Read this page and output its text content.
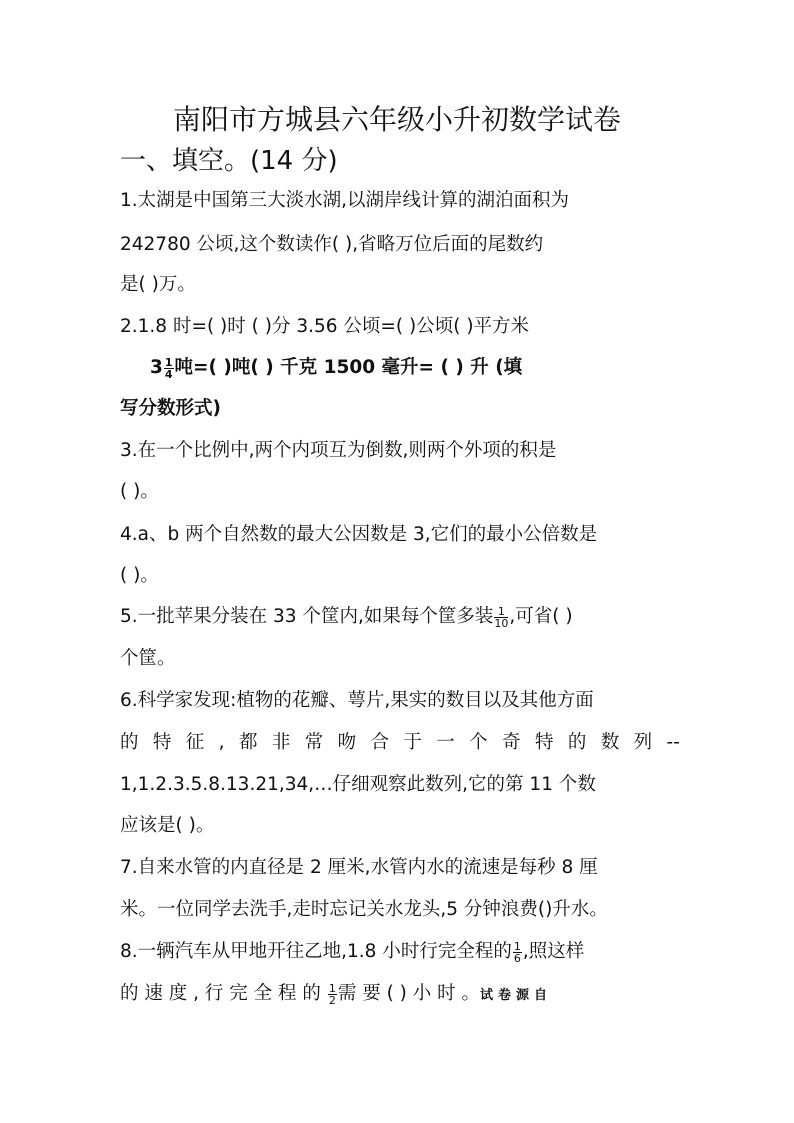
南阳市方城县六年级小升初数学试卷
一、填空。(14 分)
1.太湖是中国第三大淡水湖,以湖岸线计算的湖泊面积为
242780 公顷,这个数读作( ),省略万位后面的尾数约
是( )万。
2.1.8 时=( )时 ( )分 3.56 公顷=( )公顷( )平方米
$3 \frac{1}{4}$ 吨=( )吨( ) 千克 1500 毫升= ( ) 升 (填
写分数形式)
3.在一个比例中,两个内项互为倒数,则两个外项的积是
( )。
4.a、b 两个自然数的最大公因数是 3,它们的最小公倍数是
( )。
5.一批苹果分装在 33 个筐内,如果每个筐多装 $\frac{1}{10}$ ,可省( )
个筐。
6.科学家发现:植物的花瓣、萼片,果实的数目以及其他方面
的 特 征 , 都 非 常 吻 合 于 一 个 奇 特 的 数 列 --
1,1.2.3.5.8.13.21,34,…仔细观察此数列,它的第 11 个数
应该是( )。
7.自来水管的内直径是 2 厘米,水管内水的流速是每秒 8 厘
米。一位同学去洗手,走时忘记关水龙头,5 分钟浪费()升水。
8.一辆汽车从甲地开往乙地,1.8 小时行完全程的 $\frac{1}{6}$ ,照这样
的 速 度 , 行 完 全 程 的 $\frac{1}{2}$ 需 要 ( ) 小 时 。试卷源自
